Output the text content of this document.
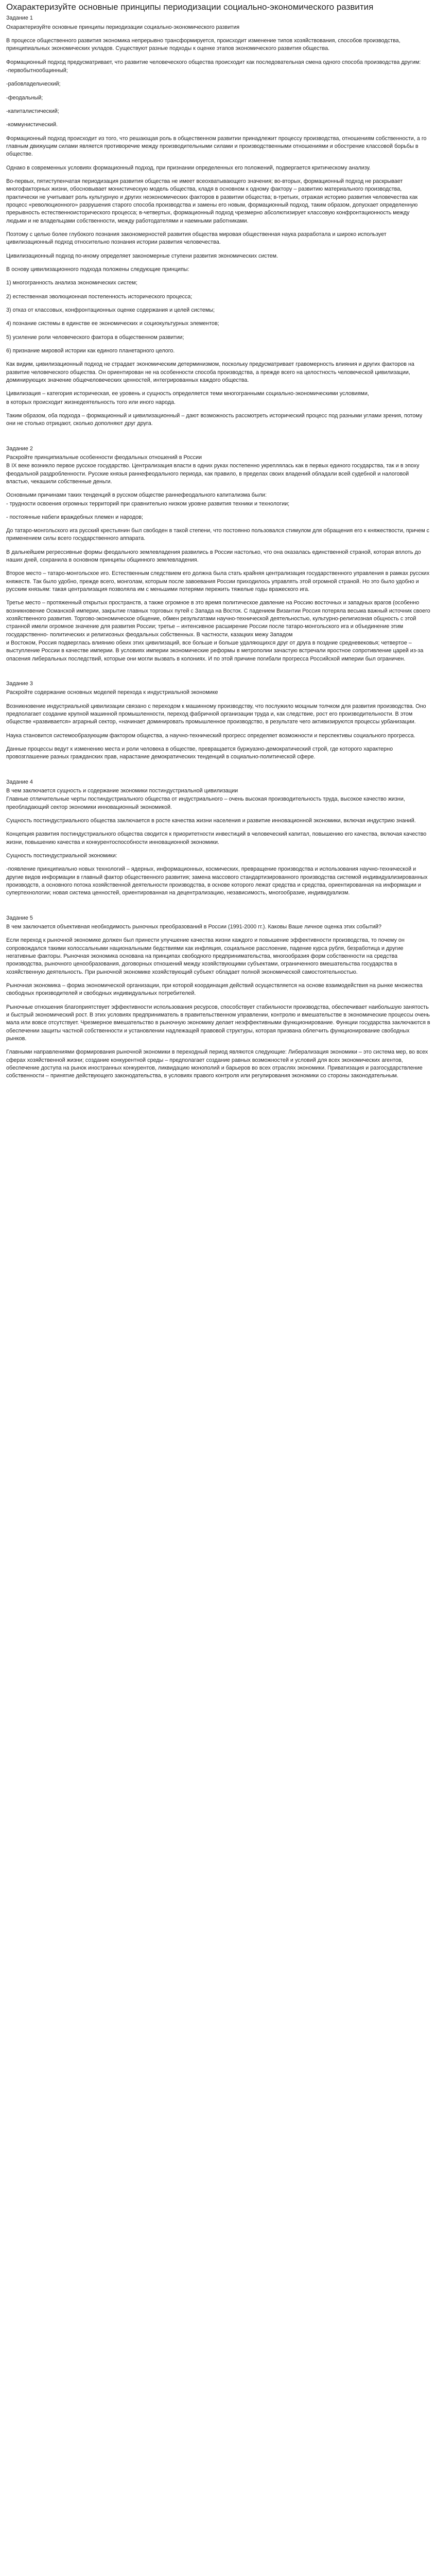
Охарактеризуйте основные принципы периодизации социально-экономического развития
Задание 1

Охарактеризуйте основные принципы периодизации социально-экономического развития

В процессе общественного развития экономика непрерывно трансформируется, происходит изменение типов хозяйствования, способов производства, принципиальных экономических укладов. Существуют разные подходы к оценке этапов экономического развития общества.

Формационный подход предусматривает, что развитие человеческого общества происходит как последовательная смена одного способа производства другим:

-первобытнообщинный;

-рабовладельческий;

-феодальный;

-капиталистический;

-коммунистический.

Формационный подход происходит из того, что решающая роль в общественном развитии принадлежит процессу производства, отношениям собственности, а го главным движущим силами является противоречие между производительными силами и производственными отношениями и обострение классовой борьбы в обществе.

Однако в современных условиях формационный подход, при признании определенных его положений, подвергается критическому анализу.

Во-первых, пятиступенчатая периодизация развития общества не имеет всеохватывающего значения; во-вторых, формационный подход не раскрывает многофакторных жизни, обосновывает монистическую модель общества, кладя в основном к одному фактору – развитию материального производства, практически не учитывает роль культурную и других неэкономических факторов в развитии общества; в-третьих, отражая историю развития человечества как процесс «революционного» разрушения старого способа производства и замены его новым, формационный подход, таким образом, допускает определенную прерывность естественноисторического процесса; в-четвертых, формационный подход чрезмерно абсолютизирует классовую конфронтационность между людьми и не владельцами собственности, между работодателями и наемными работниками.

Поэтому с целью более глубокого познания закономерностей развития общества мировая общественная наука разработала и широко использует цивилизационный подход относительно познания истории развития человечества.

Цивилизационный подход по-иному определяет закономерные ступени развития экономических систем.

В основу цивилизационного подхода положены следующие принципы:

1) многогранность анализа экономических систем;

2) естественная эволюционная постепенность исторического процесса;

3) отказ от классовых, конфронтационных оценке содержания и целей системы;

4) познание системы в единстве ее экономических и социокультурных элементов;

5) усиление роли человеческого фактора в общественном развитии;

6) признание мировой истории как единого планетарного целого.

Как видим, цивилизационный подход не страдает экономическим детерминизмом, поскольку предусматривает гравомерность влияния и других факторов на развитие человеческого общества. Он ориентирован не на особенности способа производства, а прежде всего на целостность человеческой цивилизации, доминирующих значение общечеловеческих ценностей, интегрированных каждого общества.

Цивилизация – категория историческая, ее уровень и сущность определяется теми многогранными социально-экономическими условиями,

в которых происходит жизнедеятельность того или иного народа.

Таким образом, оба подхода – формационный и цивилизационный – дают возможность рассмотреть исторический процесс под разными углами зрения, потому они не столько отрицают, сколько дополняют друг друга.

Задание 2

Раскройте принципиальные особенности феодальных отношений в России

В IX веке возникло первое русское государство. Централизация власти в одних руках постепенно укреплялась как в первых единого государства, так и в эпоху феодальной раздробленности. Русские князья раннефеодального периода, как правило, в пределах своих владений обладали всей судебной и налоговой властью, чекашили собственные деньги.

Основными причинами таких тенденций в русском обществе раннефеодального капитализма были:

- трудности освоения огромных территорий при сравнительно низком уровне развития техники и технологии;

- постоянные набеги враждебных племен и народов;

До татаро-монгольского ига русский крестьянин был свободен в такой степени, что постоянно пользовался стимулом для обращения его к княжествости, причем с применением силы всего государственного аппарата.

В дальнейшем регрессивные формы феодального землевладения развились в России настолько, что она оказалась единственной страной, которая вплоть до наших дней, сохранила в основном принципы общинного землевладения.

Второе место – татаро-монгольское иго. Естественным следствием его должна была стать крайняя централизация государственного управления в рамках русских княжеств. Так было удобно, прежде всего, монголам, которым после завоевания России приходилось управлять этой огромной страной. Но это было удобно и русским князьям: такая централизация позволяла им с меньшими потерями пережить тяжелые годы вражеского ига.

Третье место – протяженный открытых пространств, а также огромное в это время политическое давление на Россию восточных и западных врагов (особенно возникновение Османской империи, закрытие главных торговых путей с Запада на Восток. С падением Византии Россия потеряла весьма важный источник своего хозяйственного развития. Торгово-экономическое общение, обмен результатами научно-технической деятельностью, культурно-религиозная общность с этой странной имели огромное значение для развития России; третье – интенсивное расширение России после татаро-монгольского ига и объединение этим государственно- политических и религиозных феодальных собственных. В частности, казацких межу Западом

и Востоком, Россия подверглась влиянию обеих этих цивилизаций, все больше и больше удаляющихся друг от друга в поздние средневековья; четвертое – выступление России в качестве империи. В условиях империи экономические реформы в метрополии зачастую встречали яростное сопротивление царей из-за опасения либеральных последствий, которые они могли вызвать в колониях. И по этой причине погибали прогресса Российской империи был ограничен.

Задание 3

Раскройте содержание основных моделей перехода к индустриальной экономике

Возникновение индустриальной цивилизации связано с переходом к машинному производству, что послужило мощным толчком для развития производства. Оно предполагает создание крупной машинной промышленности, переход фабричной организации труда и, как следствие, рост его производительности. В этом обществе «развивается» аграрный сектор, «начинает доминировать промышленное производство, в результате чего активизируются процессы урбанизации.

Наука становится системообразующим фактором общества, а научно-технический прогресс определяет возможности и перспективы социального прогресса.

Данные процессы ведут к изменению места и роли человека в обществе, превращается буржуазно-демократический строй, где которого характерно провозглашение разных гражданских прав, нарастание демократических тенденций в социально-политической сфере.

Задание 4

В чем заключается сущность и содержание экономики постиндустриальной цивилизации

Главные отличительные черты постиндустриального общества от индустриального – очень высокая производительность труда, высокое качество жизни, преобладающий сектор экономики инновационный экономикой.

Сущность постиндустриального общества заключается в росте качества жизни населения и развитие инновационной экономики, включая индустрию знаний.

Концепция развития постиндустриального общества сводится к приоритетности инвестиций в человеческий капитал, повышению его качества, включая качество жизни, повышению качества и конкурентоспособности инновационной экономики.

Сущность постиндустриальной экономики:

-появление принципиально новых технологий – ядерных, информационных, космических, превращение производства и использования научно-технической и другие видов информации в главный фактор общественного развития; замена массового стандартизированного производства системой индивидуализированных производств, а основного потока хозяйственной деятельности производства, в основе которого лежат средства и средства, ориентированная на информации и супертехнологии; новая система ценностей, ориентированная на децентрализацию, независимость, многообразие, индивидуализм.

Задание 5

В чем заключается объективная необходимость рыночных преобразований в России (1991-2000 гг.). Каковы Ваше личное оценка этих событий?

Если переход к рыночной экономике должен был принести улучшение качества жизни каждого и повышение эффективности производства, то почему он сопровождался такими колоссальными национальными бедствиями как инфляция, социальное расслоение, падение курса рубля, безработица и другие негативные факторы. Рыночная экономика основана на принципах свободного предпринимательства, многообразия форм собственности на средства производства, рыночного ценообразования, договорных отношений между хозяйствующими субъектами, ограниченного вмешательства государства в хозяйственную деятельность. При рыночной экономике хозяйствующий субъект обладает полной экономической самостоятельностью.

Рыночная экономика – форма экономической организации, при которой координация действий осуществляется на основе взаимодействия на рынке множества свободных производителей и свободных индивидуальных потребителей.

Рыночные отношения благоприятствует эффективности использования ресурсов, способствует стабильности производства, обеспечивает наибольшую занятость и быстрый экономический рост. В этих условиях предприниматель в правительственном управлении, контролю и вмешательстве в экономические процессы очень мала или вовсе отсутствует. Чрезмерное вмешательство в рыночную экономику делает неэффективными функционирование. Функции государства заключаются в обеспечении защиты частной собственности и установлении надлежащей правовой структуры, которая призвана облегчить функционирование свободных рынков.

Главными направлениями формирования рыночной экономики в переходный период являются следующие: Либерализация экономики – это система мер, во всех сферах хозяйственной жизни; создание конкурентной среды – предполагает создание равных возможностей и условий для всех экономических агентов, обеспечение доступа на рынок иностранных конкурентов, ликвидацию монополий и барьеров во всех отраслях экономики. Приватизация и разгосударствление собственности – принятие действующего законодательства, в условиях правого контроля или регулирования экономики со стороны законодательным.
